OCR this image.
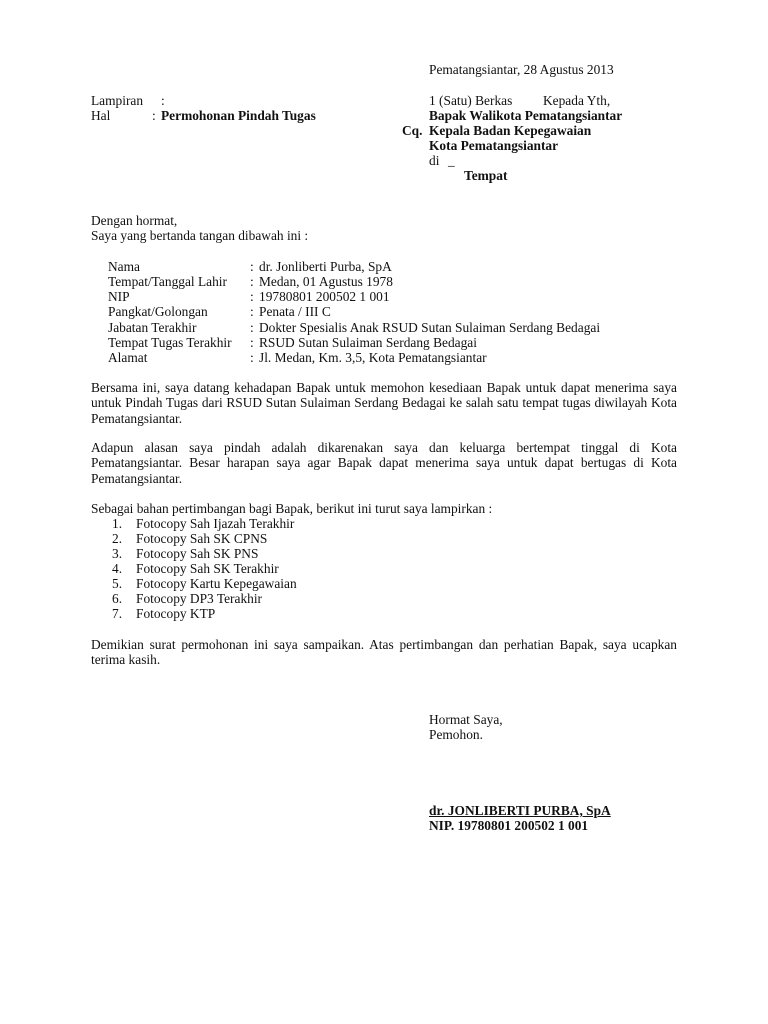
Pematangsiantar, 28 Agustus 2013
Lampiran :	1 (Satu) Berkas Kepada Yth,
Hal	: Permohonan Pindah Tugas	Bapak Walikota Pematangsiantar
Cq. Kepala Badan Kepegawaian
Kota Pematangsiantar
di _
Tempat
Dengan hormat,
Saya yang bertanda tangan dibawah ini :
Nama	: dr. Jonliberti Purba, SpA
Tempat/Tanggal Lahir : Medan, 01 Agustus 1978
NIP	: 19780801 200502 1 001
Pangkat/Golongan	: Penata / III C
Jabatan Terakhir	: Dokter Spesialis Anak RSUD Sutan Sulaiman Serdang Bedagai
Tempat Tugas Terakhir : RSUD Sutan Sulaiman Serdang Bedagai
Alamat	: Jl. Medan, Km. 3,5, Kota Pematangsiantar

Bersama ini, saya datang kehadapan Bapak untuk memohon kesediaan Bapak untuk dapat menerima saya untuk Pindah Tugas dari RSUD Sutan Sulaiman Serdang Bedagai ke salah satu tempat tugas diwilayah Kota Pematangsiantar.

Adapun alasan saya pindah adalah dikarenakan saya dan keluarga bertempat tinggal di Kota Pematangsiantar. Besar harapan saya agar Bapak dapat menerima saya untuk dapat bertugas di Kota Pematangsiantar.

Sebagai bahan pertimbangan bagi Bapak, berikut ini turut saya lampirkan :
1. Fotocopy Sah Ijazah Terakhir
2. Fotocopy Sah SK CPNS
3. Fotocopy Sah SK PNS
4. Fotocopy Sah SK Terakhir
5. Fotocopy Kartu Kepegawaian
6. Fotocopy DP3 Terakhir
7. Fotocopy KTP

Demikian surat permohonan ini saya sampaikan. Atas pertimbangan dan perhatian Bapak, saya ucapkan terima kasih.

Hormat Saya,
Pemohon.
dr. JONLIBERTI PURBA, SpA
NIP. 19780801 200502 1 001
